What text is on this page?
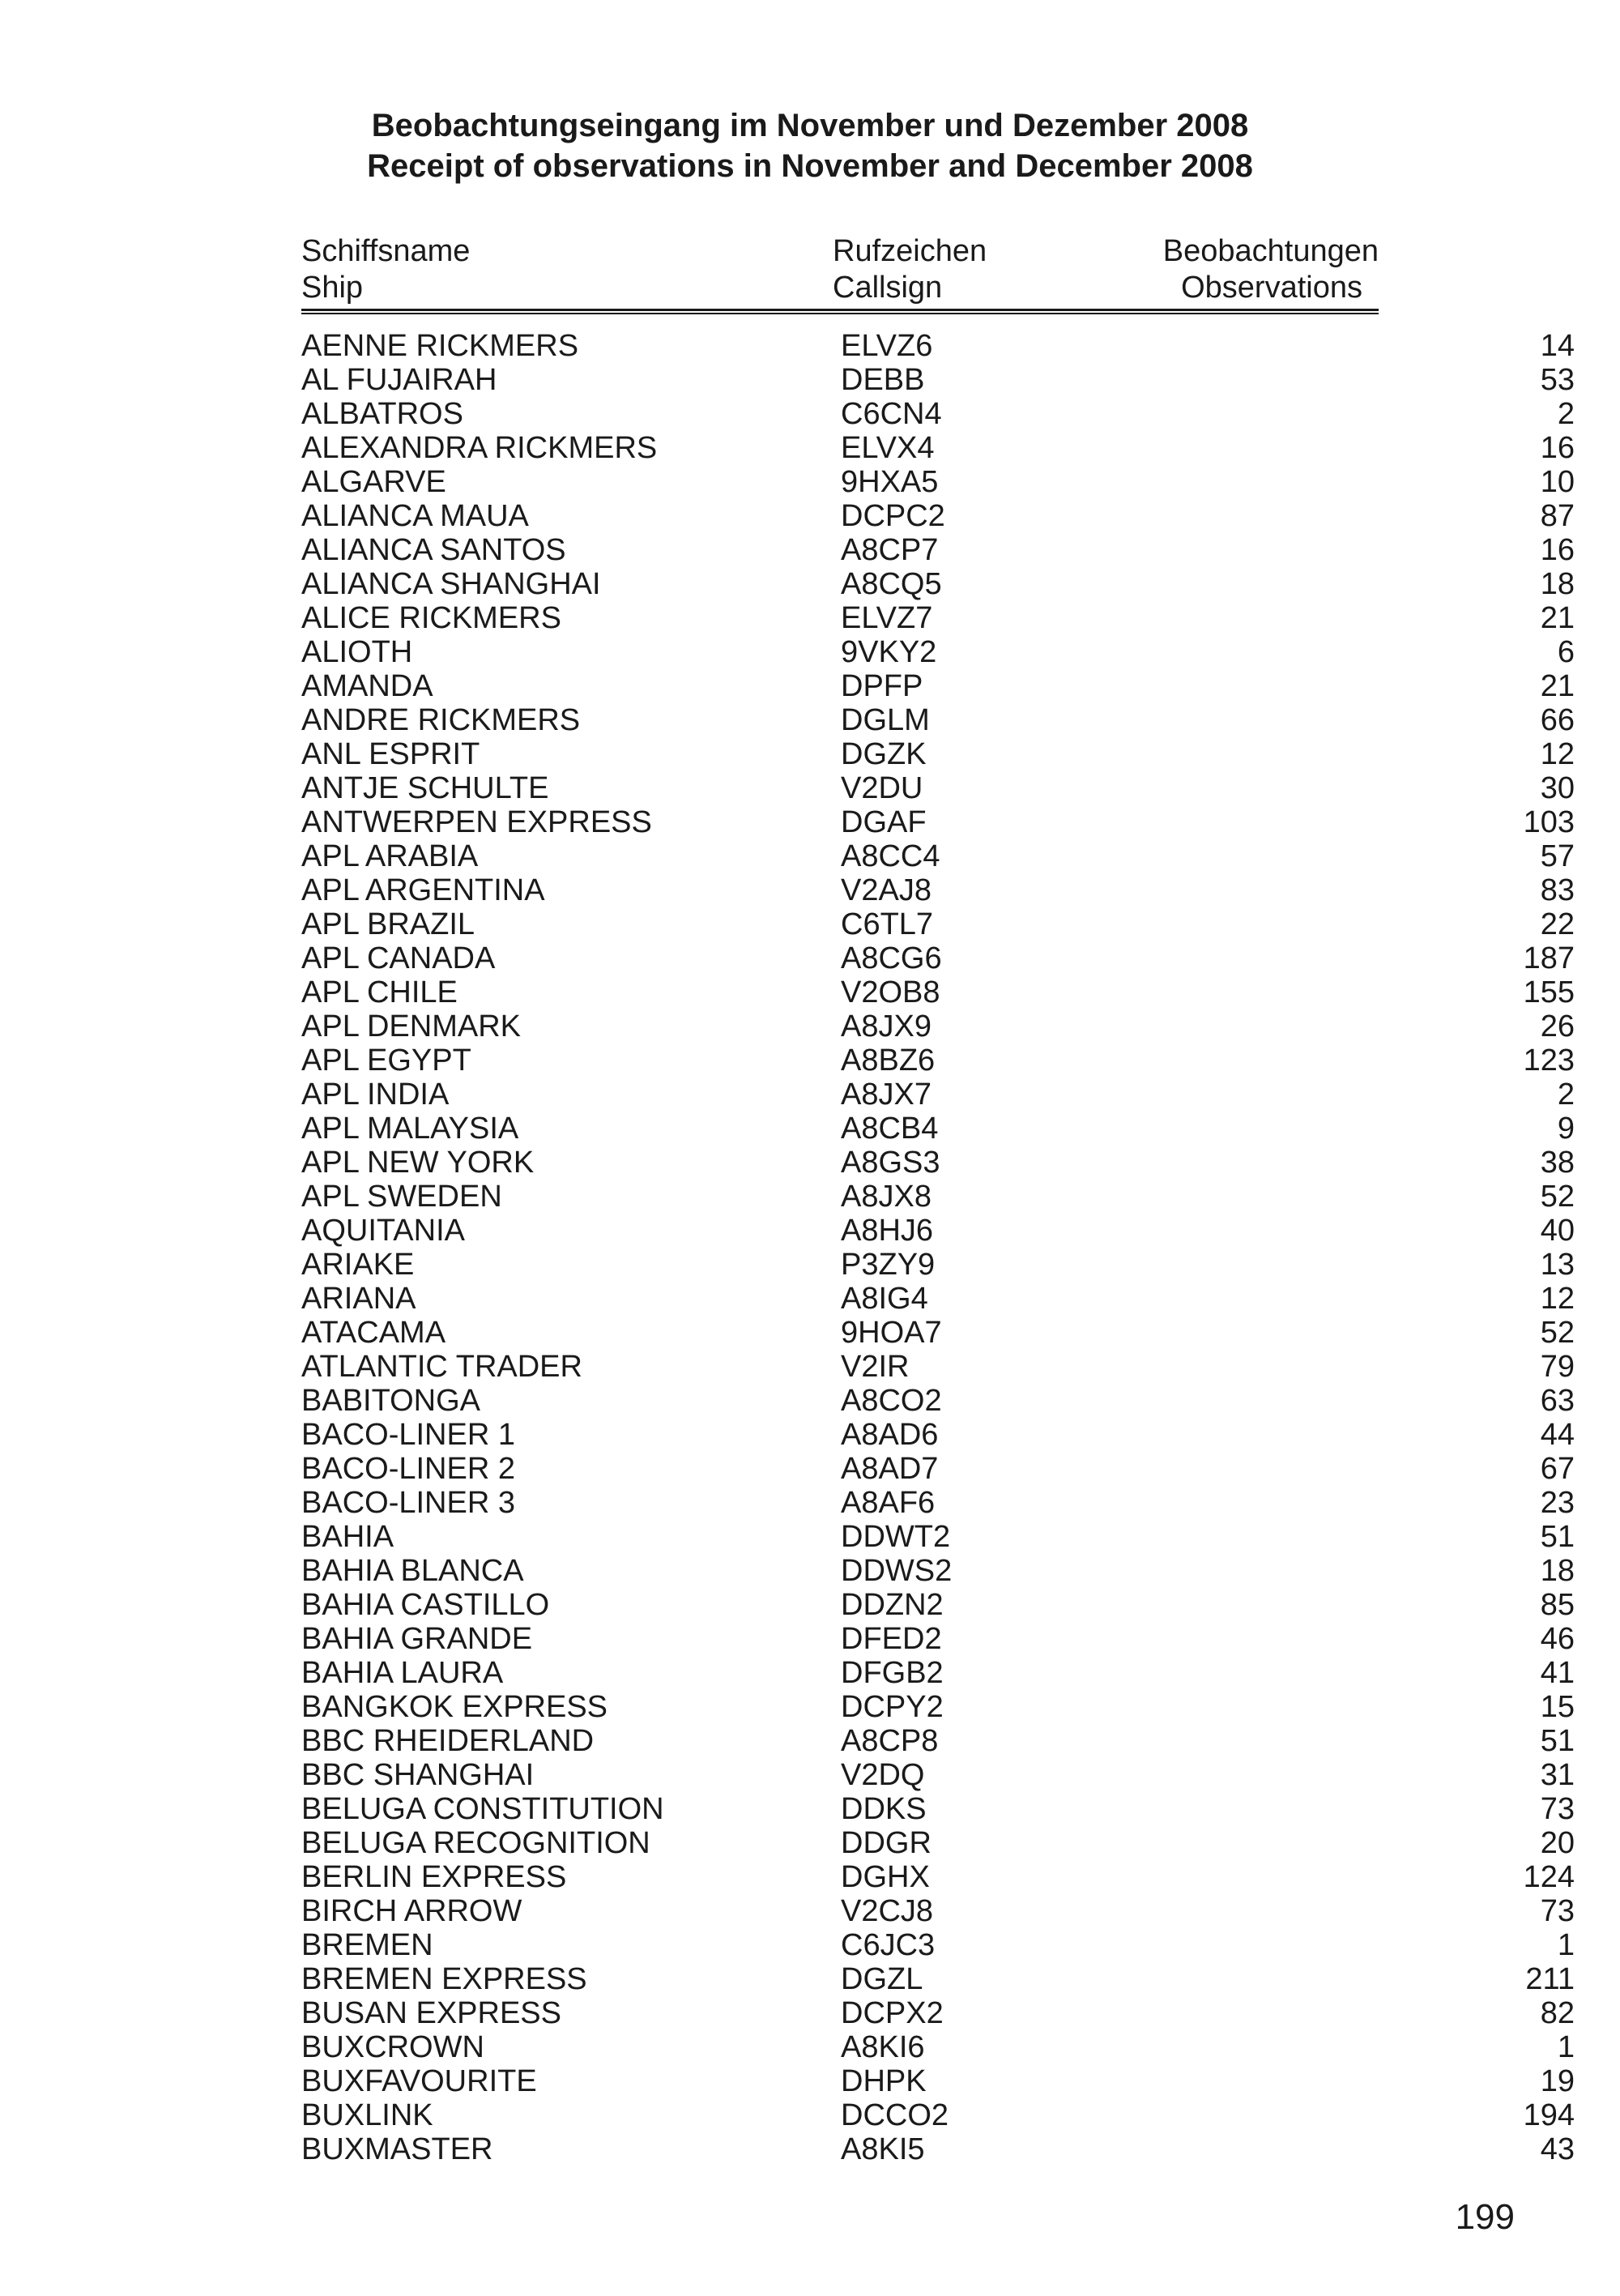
Beobachtungseingang im November und Dezember 2008
Receipt of observations in November and December 2008
Schiffsname	Rufzeichen	Beobachtungen
Ship	Callsign	Observations
AENNE RICKMERS	ELVZ6	14
AL FUJAIRAH	DEBB	53
ALBATROS	C6CN4	2
ALEXANDRA RICKMERS	ELVX4	16
ALGARVE	9HXA5	10
ALIANCA MAUA	DCPC2	87
ALIANCA SANTOS	A8CP7	16
ALIANCA SHANGHAI	A8CQ5	18
ALICE RICKMERS	ELVZ7	21
ALIOTH	9VKY2	6
AMANDA	DPFP	21
ANDRE RICKMERS	DGLM	66
ANL ESPRIT	DGZK	12
ANTJE SCHULTE	V2DU	30
ANTWERPEN EXPRESS	DGAF	103
APL ARABIA	A8CC4	57
APL ARGENTINA	V2AJ8	83
APL BRAZIL	C6TL7	22
APL CANADA	A8CG6	187
APL CHILE	V2OB8	155
APL DENMARK	A8JX9	26
APL EGYPT	A8BZ6	123
APL INDIA	A8JX7	2
APL MALAYSIA	A8CB4	9
APL NEW YORK	A8GS3	38
APL SWEDEN	A8JX8	52
AQUITANIA	A8HJ6	40
ARIAKE	P3ZY9	13
ARIANA	A8IG4	12
ATACAMA	9HOA7	52
ATLANTIC TRADER	V2IR	79
BABITONGA	A8CO2	63
BACO-LINER 1	A8AD6	44
BACO-LINER 2	A8AD7	67
BACO-LINER 3	A8AF6	23
BAHIA	DDWT2	51
BAHIA BLANCA	DDWS2	18
BAHIA CASTILLO	DDZN2	85
BAHIA GRANDE	DFED2	46
BAHIA LAURA	DFGB2	41
BANGKOK EXPRESS	DCPY2	15
BBC RHEIDERLAND	A8CP8	51
BBC SHANGHAI	V2DQ	31
BELUGA CONSTITUTION	DDKS	73
BELUGA RECOGNITION	DDGR	20
BERLIN EXPRESS	DGHX	124
BIRCH ARROW	V2CJ8	73
BREMEN	C6JC3	1
BREMEN EXPRESS	DGZL	211
BUSAN EXPRESS	DCPX2	82
BUXCROWN	A8KI6	1
BUXFAVOURITE	DHPK	19
BUXLINK	DCCO2	194
BUXMASTER	A8KI5	43
199
